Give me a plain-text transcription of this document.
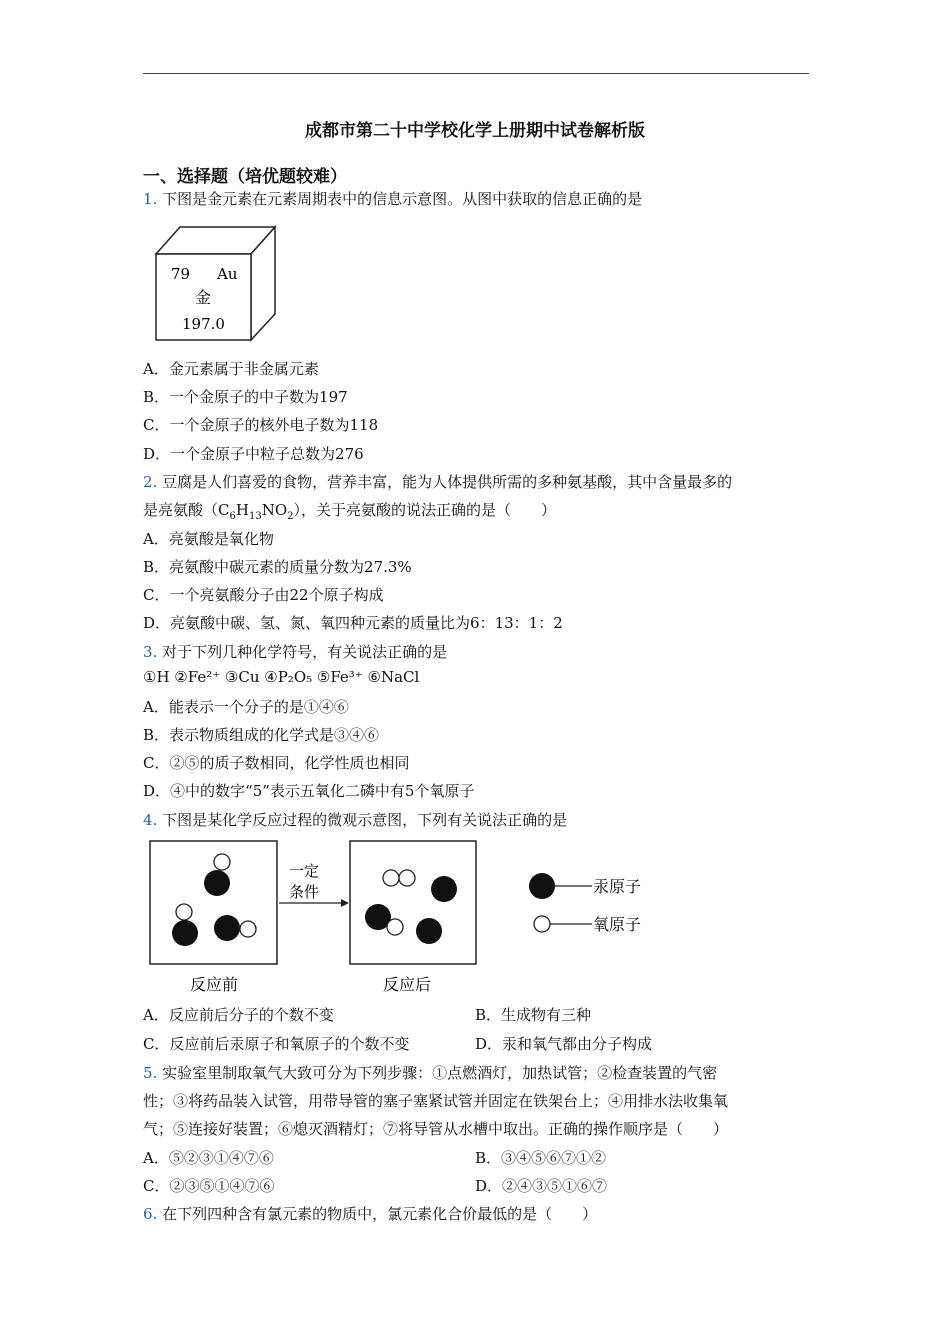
成都市第二十中学校化学上册期中试卷解析版
一、选择题（培优题较难）
1. 下图是金元素在元素周期表中的信息示意图。从图中获取的信息正确的是
79 Au
金
197.0
A．金元素属于非金属元素
B．一个金原子的中子数为197
C．一个金原子的核外电子数为118
D．一个金原子中粒子总数为276
2. 豆腐是人们喜爱的食物，营养丰富，能为人体提供所需的多种氨基酸，其中含量最多的
是亮氨酸$(C_6H_{13}NO_2)$，关于亮氨酸的说法正确的是（　　）
A．亮氨酸是氧化物
B．亮氨酸中碳元素的质量分数为27.3%
C．一个亮氨酸分子由22个原子构成
D．亮氨酸中碳、氢、氮、氧四种元素的质量比为6：13：1：2
3. 对于下列几种化学符号，有关说法正确的是
①H ②Fe²⁺ ③Cu ④P₂O₅ ⑤Fe³⁺ ⑥NaCl
A．能表示一个分子的是①④⑥
B．表示物质组成的化学式是③④⑥
C．②⑤的质子数相同，化学性质也相同
D．④中的数字“5”表示五氧化二磷中有5个氧原子
4. 下图是某化学反应过程的微观示意图，下列有关说法正确的是
反应前
一定
条件
反应后
汞原子
氧原子
A．反应前后分子的个数不变	B．生成物有三种
C．反应前后汞原子和氧原子的个数不变	D．汞和氧气都由分子构成
5. 实验室里制取氧气大致可分为下列步骤：①点燃酒灯，加热试管；②检查装置的气密
性；③将药品装入试管，用带导管的塞子塞紧试管并固定在铁架台上；④用排水法收集氧
气；⑤连接好装置；⑥熄灭酒精灯；⑦将导管从水槽中取出。正确的操作顺序是（　　）
A．⑤②③①④⑦⑥	B．③④⑤⑥⑦①②
C．②③⑤①④⑦⑥	D．②④③⑤①⑥⑦
6. 在下列四种含有氯元素的物质中，氯元素化合价最低的是（　　）
